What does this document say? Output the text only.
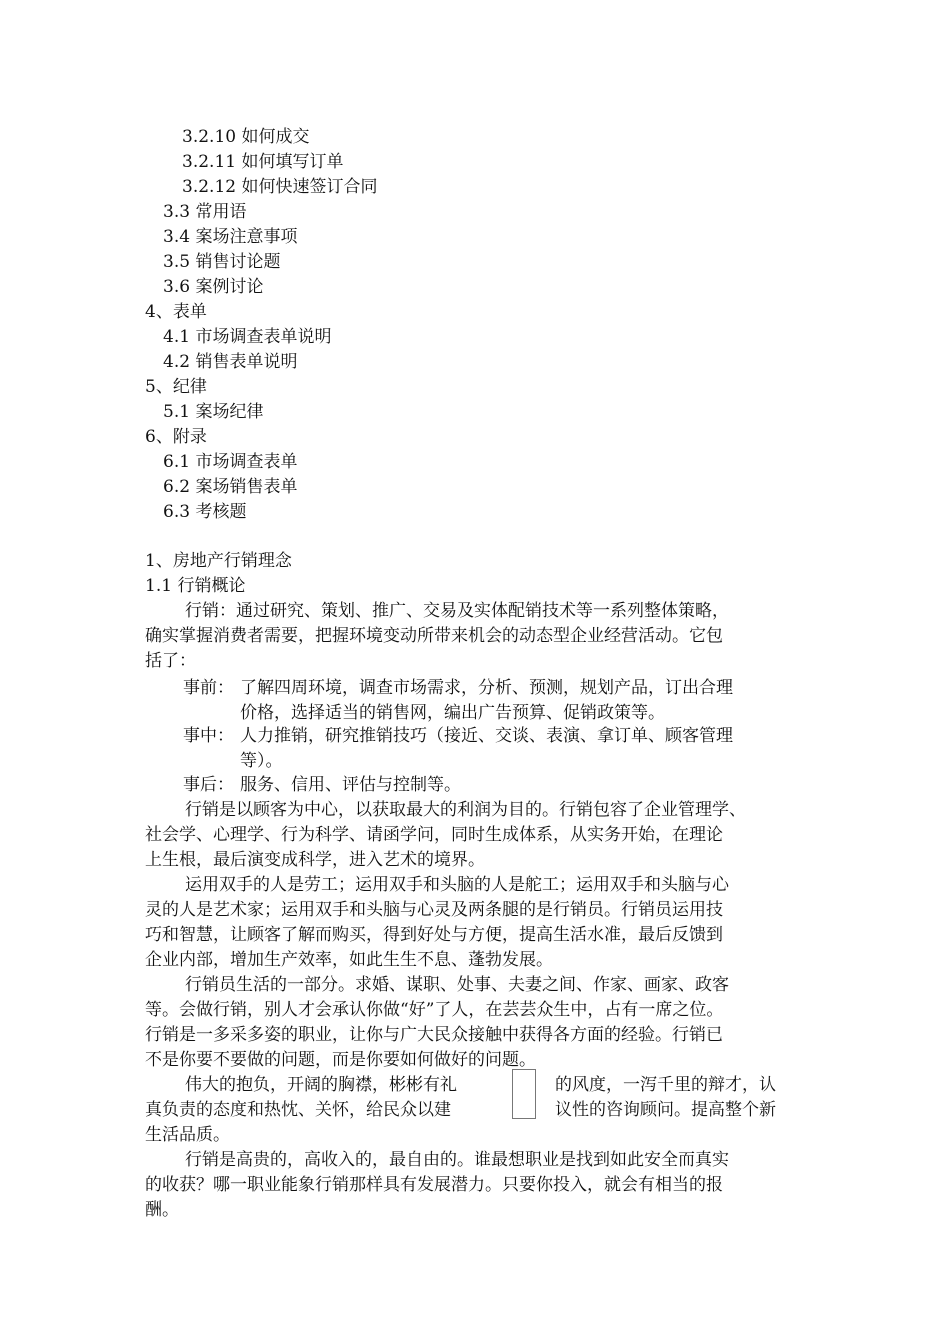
3.2.10 如何成交
3.2.11 如何填写订单
3.2.12 如何快速签订合同
3.3 常用语
3.4 案场注意事项
3.5 销售讨论题
3.6 案例讨论
4、表单
4.1 市场调查表单说明
4.2 销售表单说明
5、纪律
5.1 案场纪律
6、附录
6.1 市场调查表单
6.2 案场销售表单
6.3 考核题
1、房地产行销理念
1.1 行销概论
行销：通过研究、策划、推广、交易及实体配销技术等一系列整体策略，
确实掌握消费者需要，把握环境变动所带来机会的动态型企业经营活动。它包
括了：
事前： 了解四周环境，调查市场需求，分析、预测，规划产品，订出合理
价格，选择适当的销售网，编出广告预算、促销政策等。
事中： 人力推销，研究推销技巧（接近、交谈、表演、拿订单、顾客管理
等）。
事后： 服务、信用、评估与控制等。
行销是以顾客为中心，以获取最大的利润为目的。行销包容了企业管理学、
社会学、心理学、行为科学、请函学问，同时生成体系，从实务开始，在理论
上生根，最后演变成科学，进入艺术的境界。
运用双手的人是劳工；运用双手和头脑的人是舵工；运用双手和头脑与心
灵的人是艺术家；运用双手和头脑与心灵及两条腿的是行销员。行销员运用技
巧和智慧，让顾客了解而购买，得到好处与方便，提高生活水准，最后反馈到
企业内部，增加生产效率，如此生生不息、蓬勃发展。
行销员生活的一部分。求婚、谋职、处事、夫妻之间、作家、画家、政客
等。会做行销，别人才会承认你做“好”了人，在芸芸众生中，占有一席之位。
行销是一多采多姿的职业，让你与广大民众接触中获得各方面的经验。行销已
不是你要不要做的问题，而是你要如何做好的问题。
伟大的抱负，开阔的胸襟，彬彬有礼	的风度，一泻千里的辩才，认
真负责的态度和热忱、关怀，给民众以建	议性的咨询顾问。提高整个新
生活品质。
行销是高贵的，高收入的，最自由的。谁最想职业是找到如此安全而真实
的收获？哪一职业能象行销那样具有发展潜力。只要你投入，就会有相当的报
酬。
